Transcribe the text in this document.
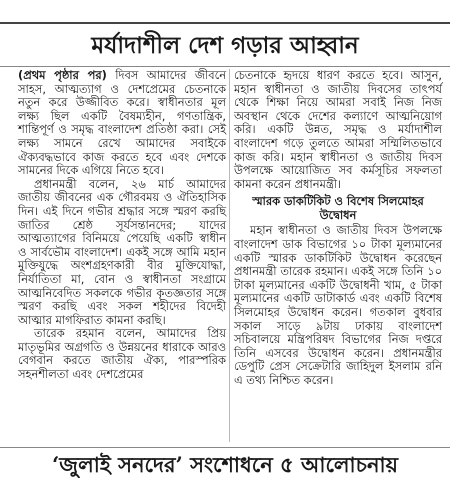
মর্যাদাশীল দেশ গড়ার আহ্বান

(প্রথম পৃষ্ঠার পর) দিবস আমাদের জীবনে সাহস, আত্মত্যাগ ও দেশপ্রেমের চেতনাকে নতুন করে উজ্জীবিত করে। স্বাধীনতার মূল লক্ষ্য ছিল একটি বৈষম্যহীন, গণতান্ত্রিক, শান্তিপূর্ণ ও সমৃদ্ধ বাংলাদেশ প্রতিষ্ঠা করা। সেই লক্ষ্য সামনে রেখে আমাদের সবাইকে ঐক্যবদ্ধভাবে কাজ করতে হবে এবং দেশকে সামনের দিকে এগিয়ে নিতে হবে।

প্রধানমন্ত্রী বলেন, ২৬ মার্চ আমাদের জাতীয় জীবনের এক গৌরবময় ও ঐতিহাসিক দিন। এই দিনে গভীর শ্রদ্ধার সঙ্গে স্মরণ করছি জাতির শ্রেষ্ঠ সূর্যসন্তানদের; যাদের আত্মত্যাগের বিনিময়ে পেয়েছি একটি স্বাধীন ও সার্বভৌম বাংলাদেশ। একই সঙ্গে আমি মহান মুক্তিযুদ্ধে অংশগ্রহণকারী বীর মুক্তিযোদ্ধা, নির্যাতিতা মা, বোন ও স্বাধীনতা সংগ্রামে আত্মনিবেদিত সকলকে গভীর কৃতজ্ঞতার সঙ্গে স্মরণ করছি এবং সকল শহীদের বিদেহী আত্মার মাগফিরাত কামনা করছি।

তারেক রহমান বলেন, আমাদের প্রিয় মাতৃভূমির অগ্রগতি ও উন্নয়নের ধারাকে আরও বেগবান করতে জাতীয় ঐক্য, পারস্পরিক সহনশীলতা এবং দেশপ্রেমের

চেতনাকে হৃদয়ে ধারণ করতে হবে। আসুন, মহান স্বাধীনতা ও জাতীয় দিবসের তাৎপর্য থেকে শিক্ষা নিয়ে আমরা সবাই নিজ নিজ অবস্থান থেকে দেশের কল্যাণে আত্মনিয়োগ করি। একটি উন্নত, সমৃদ্ধ ও মর্যাদাশীল বাংলাদেশ গড়ে তুলতে আমরা সম্মিলিতভাবে কাজ করি। মহান স্বাধীনতা ও জাতীয় দিবস উপলক্ষে আয়োজিত সব কর্মসূচির সফলতা কামনা করেন প্রধানমন্ত্রী।

স্মারক ডাকটিকিট ও বিশেষ সিলমোহর উদ্বোধন

মহান স্বাধীনতা ও জাতীয় দিবস উপলক্ষে বাংলাদেশ ডাক বিভাগের ১০ টাকা মূল্যমানের একটি স্মারক ডাকটিকিট উদ্বোধন করেছেন প্রধানমন্ত্রী তারেক রহমান। একই সঙ্গে তিনি ১০ টাকা মূল্যমানের একটি উদ্বোধনী খাম, ৫ টাকা মূল্যমানের একটি ডাটাকার্ড এবং একটি বিশেষ সিলমোহর উদ্বোধন করেন। গতকাল বুধবার সকাল সাড়ে ৯টায় ঢাকায় বাংলাদেশ সচিবালয়ে মন্ত্রিপরিষদ বিভাগের নিজ দপ্তরে তিনি এসবের উদ্বোধন করেন। প্রধানমন্ত্রীর ডেপুটি প্রেস সেক্রেটারি জাহিদুল ইসলাম রনি এ তথ্য নিশ্চিত করেন।

‘জুলাই সনদের’ সংশোধনে ৫ আলোচনায়
